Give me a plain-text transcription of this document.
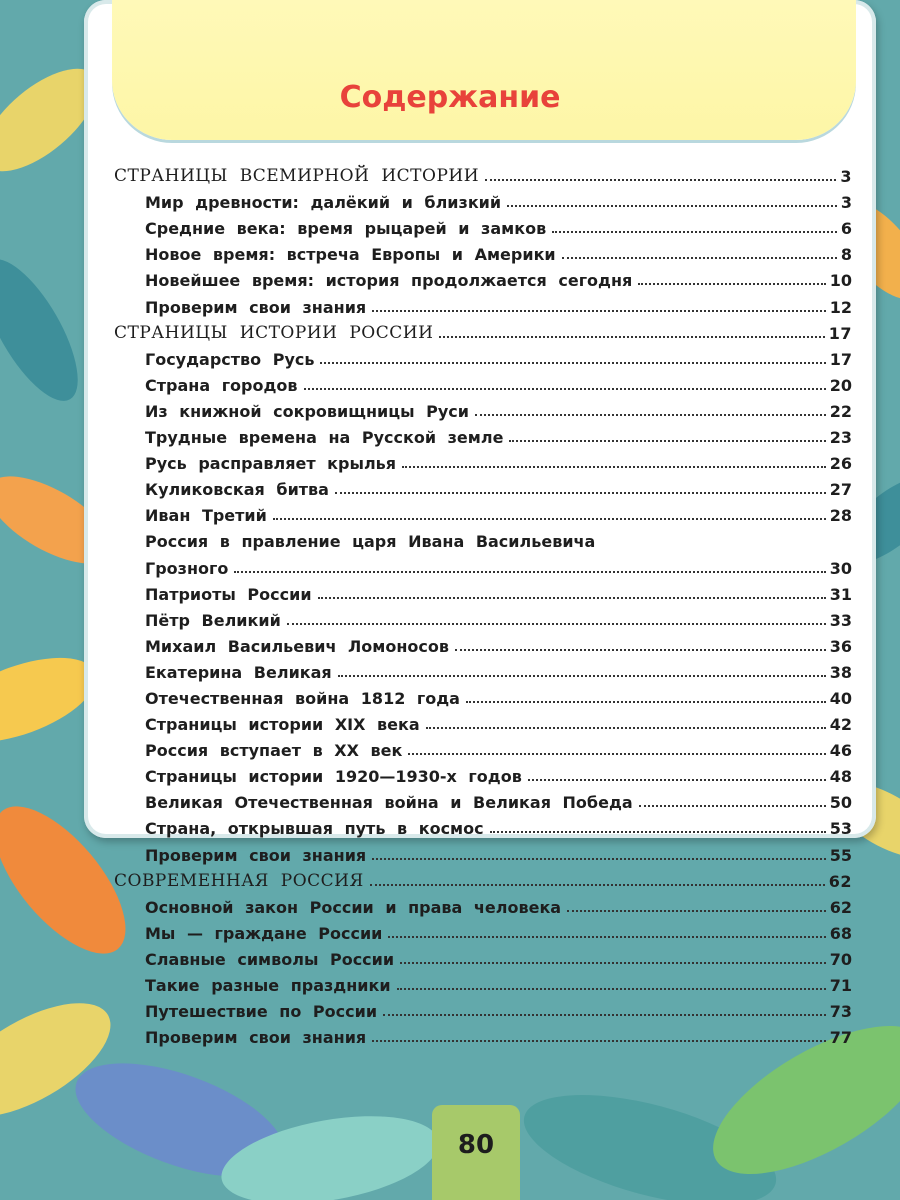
Содержание
СТРАНИЦЫ ВСЕМИРНОЙ ИСТОРИИ	3
Мир древности: далёкий и близкий	3
Средние века: время рыцарей и замков	6
Новое время: встреча Европы и Америки	8
Новейшее время: история продолжается сегодня	10
Проверим свои знания	12
СТРАНИЦЫ ИСТОРИИ РОССИИ	17
Государство Русь	17
Страна городов	20
Из книжной сокровищницы Руси	22
Трудные времена на Русской земле	23
Русь расправляет крылья	26
Куликовская битва	27
Иван Третий	28
Россия в правление царя Ивана Васильевича
Грозного	30
Патриоты России	31
Пётр Великий	33
Михаил Васильевич Ломоносов	36
Екатерина Великая	38
Отечественная война 1812 года	40
Страницы истории XIX века	42
Россия вступает в XX век	46
Страницы истории 1920—1930-х годов	48
Великая Отечественная война и Великая Победа	50
Страна, открывшая путь в космос	53
Проверим свои знания	55
СОВРЕМЕННАЯ РОССИЯ	62
Основной закон России и права человека	62
Мы — граждане России	68
Славные символы России	70
Такие разные праздники	71
Путешествие по России	73
Проверим свои знания	77
80
